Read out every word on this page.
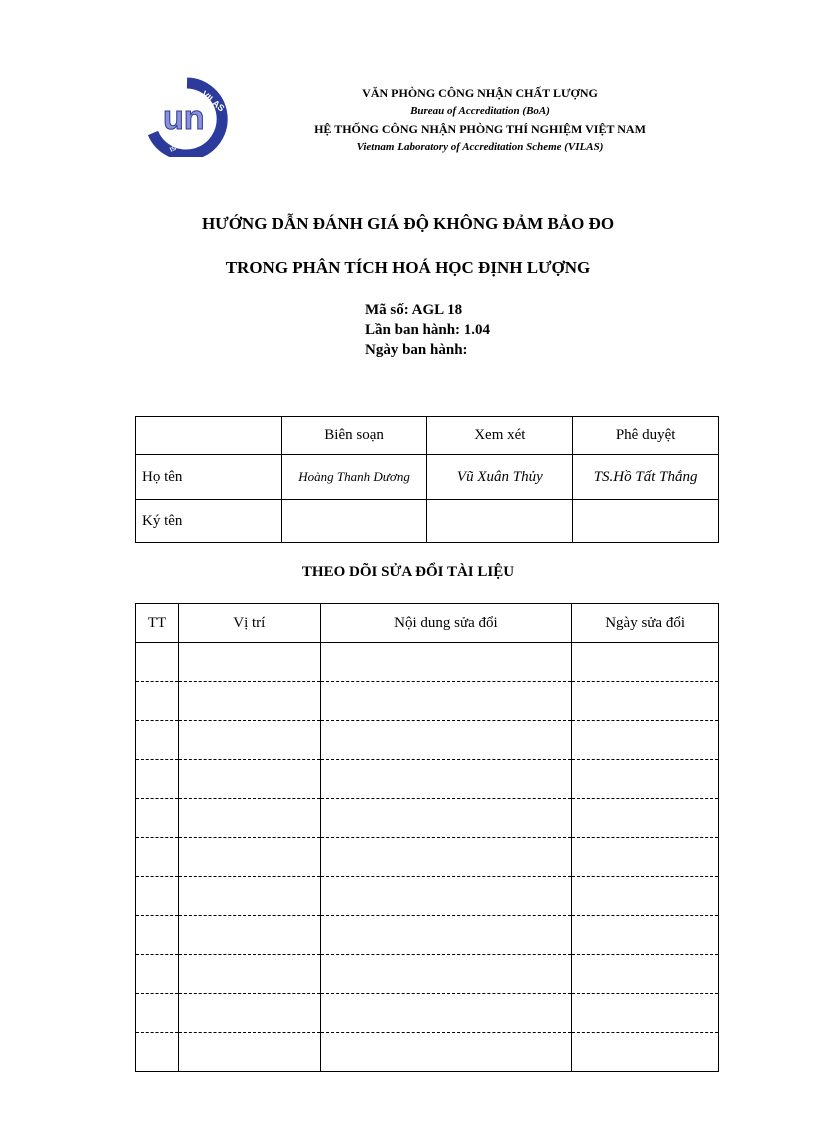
VILAS
ISO / IEC 17025
un
VĂN PHÒNG CÔNG NHẬN CHẤT LƯỢNG
Bureau of Accreditation (BoA)
HỆ THỐNG CÔNG NHẬN PHÒNG THÍ NGHIỆM VIỆT NAM
Vietnam Laboratory of Accreditation Scheme (VILAS)
HƯỚNG DẪN ĐÁNH GIÁ ĐỘ KHÔNG ĐẢM BẢO ĐO
TRONG PHÂN TÍCH HOÁ HỌC ĐỊNH LƯỢNG
Mã số: AGL 18
Lần ban hành: 1.04
Ngày ban hành:
	Biên soạn	Xem xét	Phê duyệt
Họ tên	Hoàng Thanh Dương	Vũ Xuân Thủy	TS.Hồ Tất Thắng
Ký tên			
THEO DÕI SỬA ĐỔI TÀI LIỆU
TT	Vị trí	Nội dung sửa đổi	Ngày sửa đổi
